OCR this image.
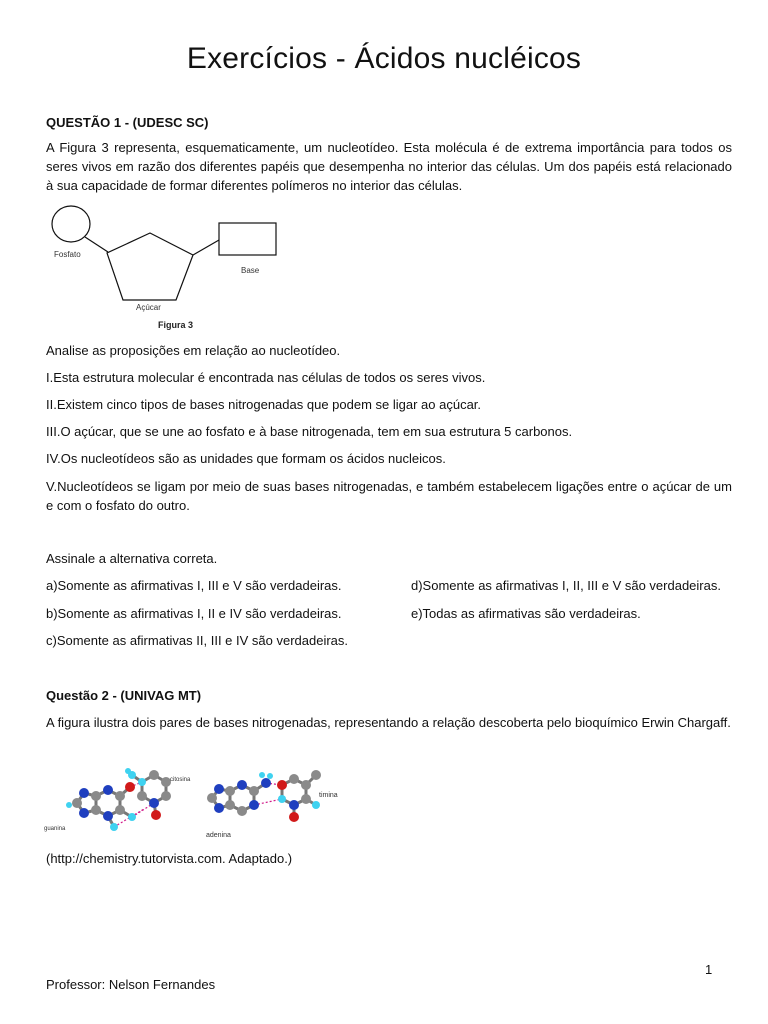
Exercícios - Ácidos nucléicos
QUESTÃO 1 - (UDESC SC)
A Figura 3 representa, esquematicamente, um nucleotídeo. Esta molécula é de extrema importância para todos os seres vivos em razão dos diferentes papéis que desempenha no interior das células. Um dos papéis está relacionado à sua capacidade de formar diferentes polímeros no interior das células.
Fosfato
Base
Açúcar
Figura 3
Analise as proposições em relação ao nucleotídeo.
I.Esta estrutura molecular é encontrada nas células de todos os seres vivos.
II.Existem cinco tipos de bases nitrogenadas que podem se ligar ao açúcar.
III.O açúcar, que se une ao fosfato e à base nitrogenada, tem em sua estrutura 5 carbonos.
IV.Os nucleotídeos são as unidades que formam os ácidos nucleicos.
V.Nucleotídeos se ligam por meio de suas bases nitrogenadas, e também estabelecem ligações entre o açúcar de um e com o fosfato do outro.
Assinale a alternativa correta.
a)Somente as afirmativas I, III e V são verdadeiras.	d)Somente as afirmativas I, II, III e V são verdadeiras.
b)Somente as afirmativas I, II e IV são verdadeiras.	e)Todas as afirmativas são verdadeiras.
c)Somente as afirmativas II, III e IV são verdadeiras.
Questão 2 - (UNIVAG MT)
A figura ilustra dois pares de bases nitrogenadas, representando a relação descoberta pelo bioquímico Erwin Chargaff.
guanina
citosina
adenina
timina
(http://chemistry.tutorvista.com. Adaptado.)
1
Professor: Nelson Fernandes
